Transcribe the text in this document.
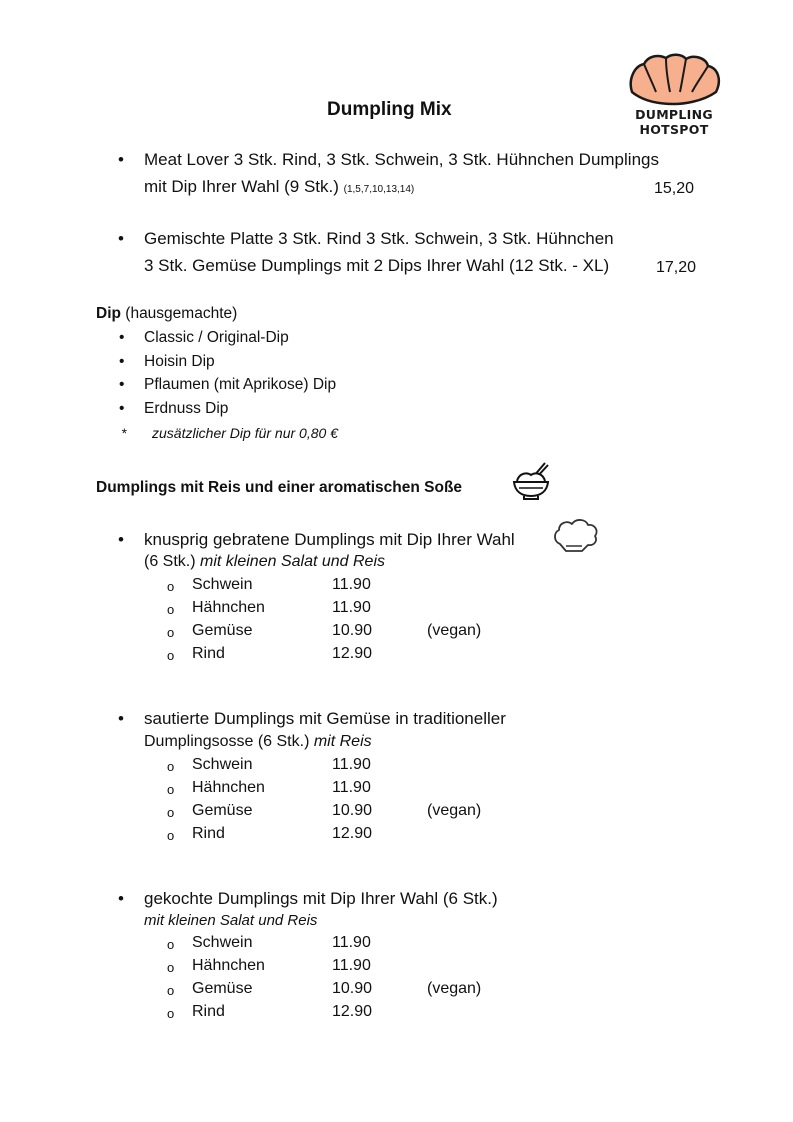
Dumpling Mix	DUMPLING
HOTSPOT
• Meat Lover 3 Stk. Rind, 3 Stk. Schwein, 3 Stk. Hühnchen Dumplings
mit Dip Ihrer Wahl (9 Stk.) (1,5,7,10,13,14)	15,20
• Gemischte Platte 3 Stk. Rind 3 Stk. Schwein, 3 Stk. Hühnchen
3 Stk. Gemüse Dumplings mit 2 Dips Ihrer Wahl (12 Stk. - XL)	17,20
Dip (hausgemachte)
• Classic / Original-Dip
• Hoisin Dip
• Pflaumen (mit Aprikose) Dip
• Erdnuss Dip
* zusätzlicher Dip für nur 0,80 €
Dumplings mit Reis und einer aromatischen Soße
• knusprig gebratene Dumplings mit Dip Ihrer Wahl
(6 Stk.) mit kleinen Salat und Reis
o Schwein	11.90
o Hähnchen	11.90
o Gemüse	10.90	(vegan)
o Rind	12.90
• sautierte Dumplings mit Gemüse in traditioneller
Dumplingsosse (6 Stk.) mit Reis
o Schwein	11.90
o Hähnchen	11.90
o Gemüse	10.90	(vegan)
o Rind	12.90
• gekochte Dumplings mit Dip Ihrer Wahl (6 Stk.)
mit kleinen Salat und Reis
o Schwein	11.90
o Hähnchen	11.90
o Gemüse	10.90	(vegan)
o Rind	12.90
